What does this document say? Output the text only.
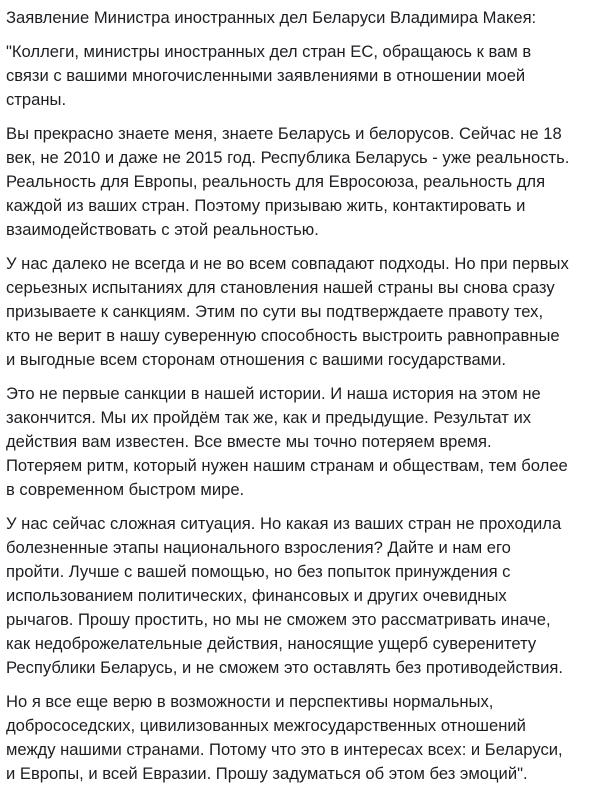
Заявление Министра иностранных дел Беларуси Владимира Макея:

"Коллеги, министры иностранных дел стран ЕС, обращаюсь к вам в
связи с вашими многочисленными заявлениями в отношении моей
страны.

Вы прекрасно знаете меня, знаете Беларусь и белорусов. Сейчас не 18
век, не 2010 и даже не 2015 год. Республика Беларусь - уже реальность.
Реальность для Европы, реальность для Евросоюза, реальность для
каждой из ваших стран. Поэтому призываю жить, контактировать и
взаимодействовать с этой реальностью.

У нас далеко не всегда и не во всем совпадают подходы. Но при первых
серьезных испытаниях для становления нашей страны вы снова сразу
призываете к санкциям. Этим по сути вы подтверждаете правоту тех,
кто не верит в нашу суверенную способность выстроить равноправные
и выгодные всем сторонам отношения с вашими государствами.

Это не первые санкции в нашей истории. И наша история на этом не
закончится. Мы их пройдём так же, как и предыдущие. Результат их
действия вам известен. Все вместе мы точно потеряем время.
Потеряем ритм, который нужен нашим странам и обществам, тем более
в современном быстром мире.

У нас сейчас сложная ситуация. Но какая из ваших стран не проходила
болезненные этапы национального взросления? Дайте и нам его
пройти. Лучше с вашей помощью, но без попыток принуждения с
использованием политических, финансовых и других очевидных
рычагов. Прошу простить, но мы не сможем это рассматривать иначе,
как недоброжелательные действия, наносящие ущерб суверенитету
Республики Беларусь, и не сможем это оставлять без противодействия.

Но я все еще верю в возможности и перспективы нормальных,
добрососедских, цивилизованных межгосударственных отношений
между нашими странами. Потому что это в интересах всех: и Беларуси,
и Европы, и всей Евразии. Прошу задуматься об этом без эмоций".
